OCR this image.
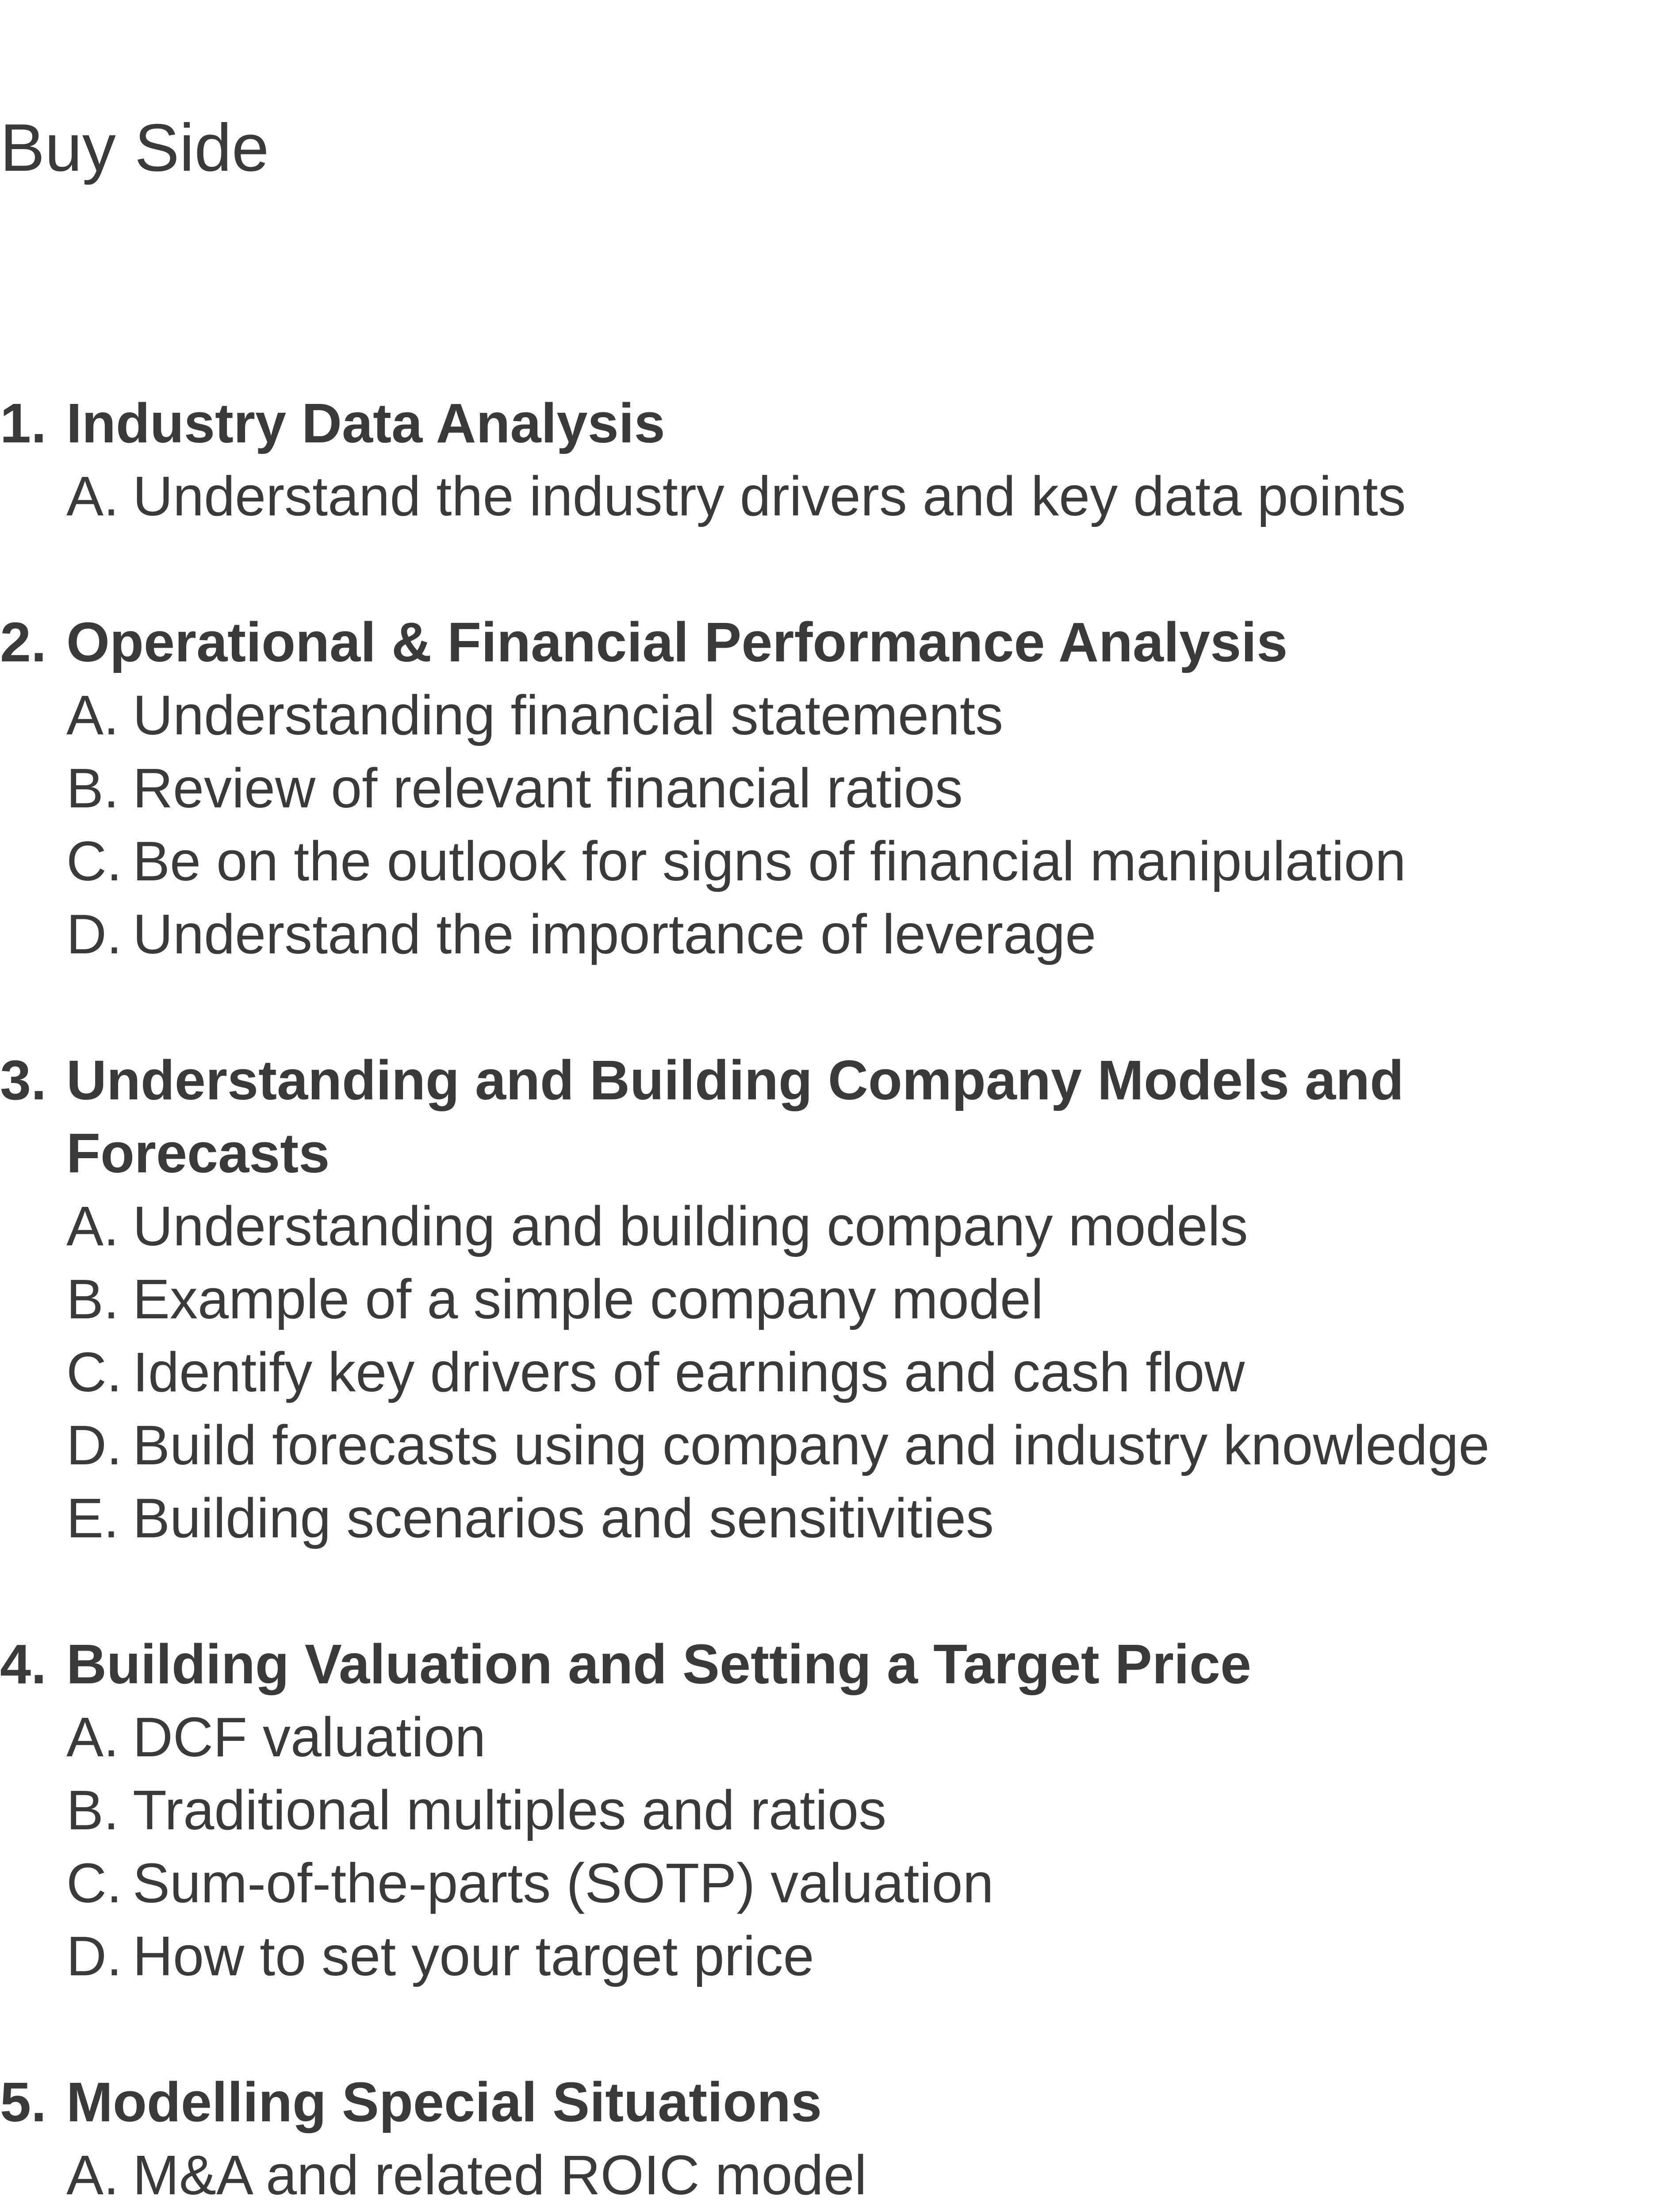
Buy Side
1. Industry Data Analysis
A. Understand the industry drivers and key data points
2. Operational & Financial Performance Analysis
A. Understanding financial statements
B. Review of relevant financial ratios
C. Be on the outlook for signs of financial manipulation
D. Understand the importance of leverage
3. Understanding and Building Company Models and Forecasts
A. Understanding and building company models
B. Example of a simple company model
C. Identify key drivers of earnings and cash flow
D. Build forecasts using company and industry knowledge
E. Building scenarios and sensitivities
4. Building Valuation and Setting a Target Price
A. DCF valuation
B. Traditional multiples and ratios
C. Sum-of-the-parts (SOTP) valuation
D. How to set your target price
5. Modelling Special Situations
A. M&A and related ROIC model
